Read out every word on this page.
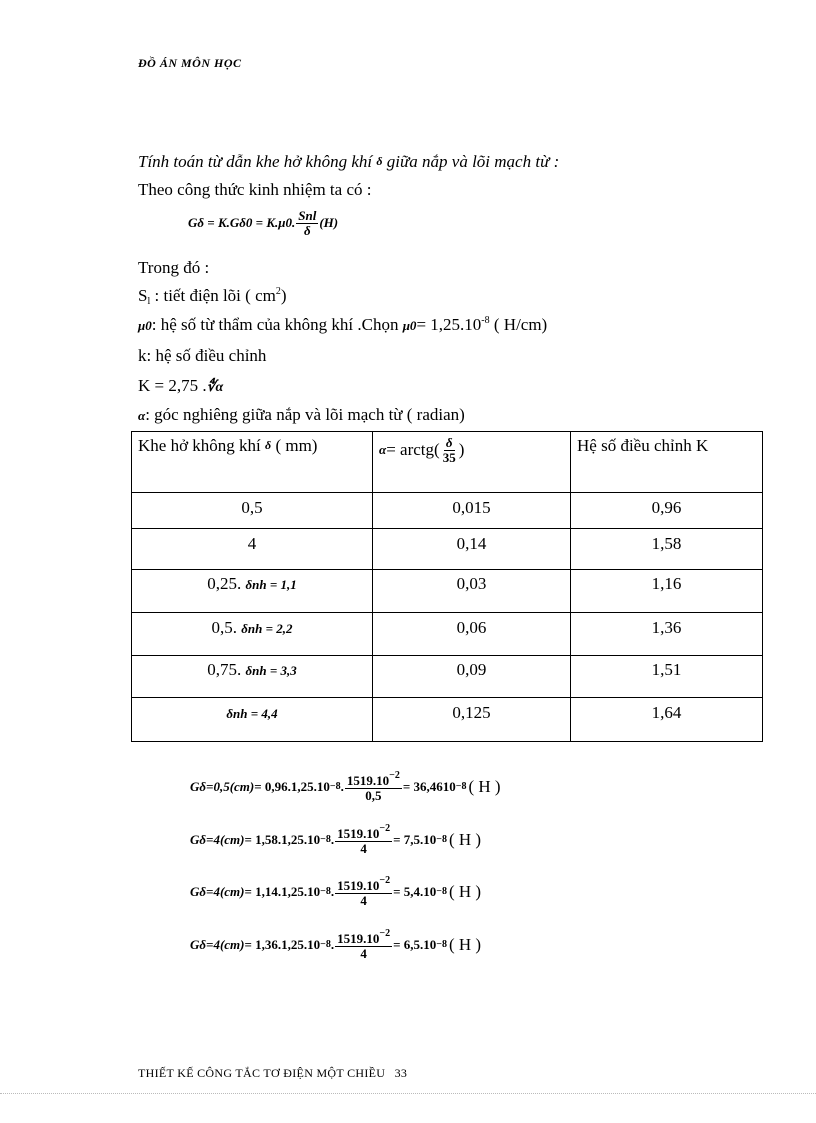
ĐỒ ÁN MÔN HỌC
Tính toán từ dẫn khe hở không khí δ giữa nắp và lõi mạch từ :
Theo công thức kinh nhiệm ta có :
Gδ = K.Gδ0 = K.μ0. $\frac{\text{Snl}}{\delta} (H)$
Trong đó :
$S_l$ : tiết điện lõi ( $cm^2$)
μ0: hệ số từ thẩm của không khí .Chọn $\mu 0= 1,25.10^{-8}$ ( H/cm)
k: hệ số điều chỉnh
K = 2,75 .∜α
α: góc nghiêng giữa nắp và lõi mạch từ ( radian)
Khe hở không khí δ ( mm)	α = arctg( $\frac{\delta}{35}$ )	Hệ số điều chỉnh K
0,5	0,015	0,96
4	0,14	1,58
0,25. δnh = 1,1	0,03	1,16
0,5. δnh = 2,2	0,06	1,36
0,75. δnh = 3,3	0,09	1,51
δnh = 4,4	0,125	1,64
Gδ=0,5(cm) = 0,96.1,25.10 −8 . $\frac{1519.10^{-2}}{0,5} = 36,4610 -8$ ( H )
Gδ=4(cm) = 1,58.1,25.10 −8 . $\frac{1519.10^{-2}}{4} = 7,5.10 -8$ ( H )
Gδ=4(cm) = 1,14.1,25.10 −8 . $\frac{1519.10^{-2}}{4} = 5,4.10 -8$ ( H )
Gδ=4(cm) = 1,36.1,25.10 −8 . $\frac{1519.10^{-2}}{4} = 6,5.10 -8$ ( H )
THIẾT KẾ CÔNG TẮC TƠ ĐIỆN MỘT CHIỀU 33
